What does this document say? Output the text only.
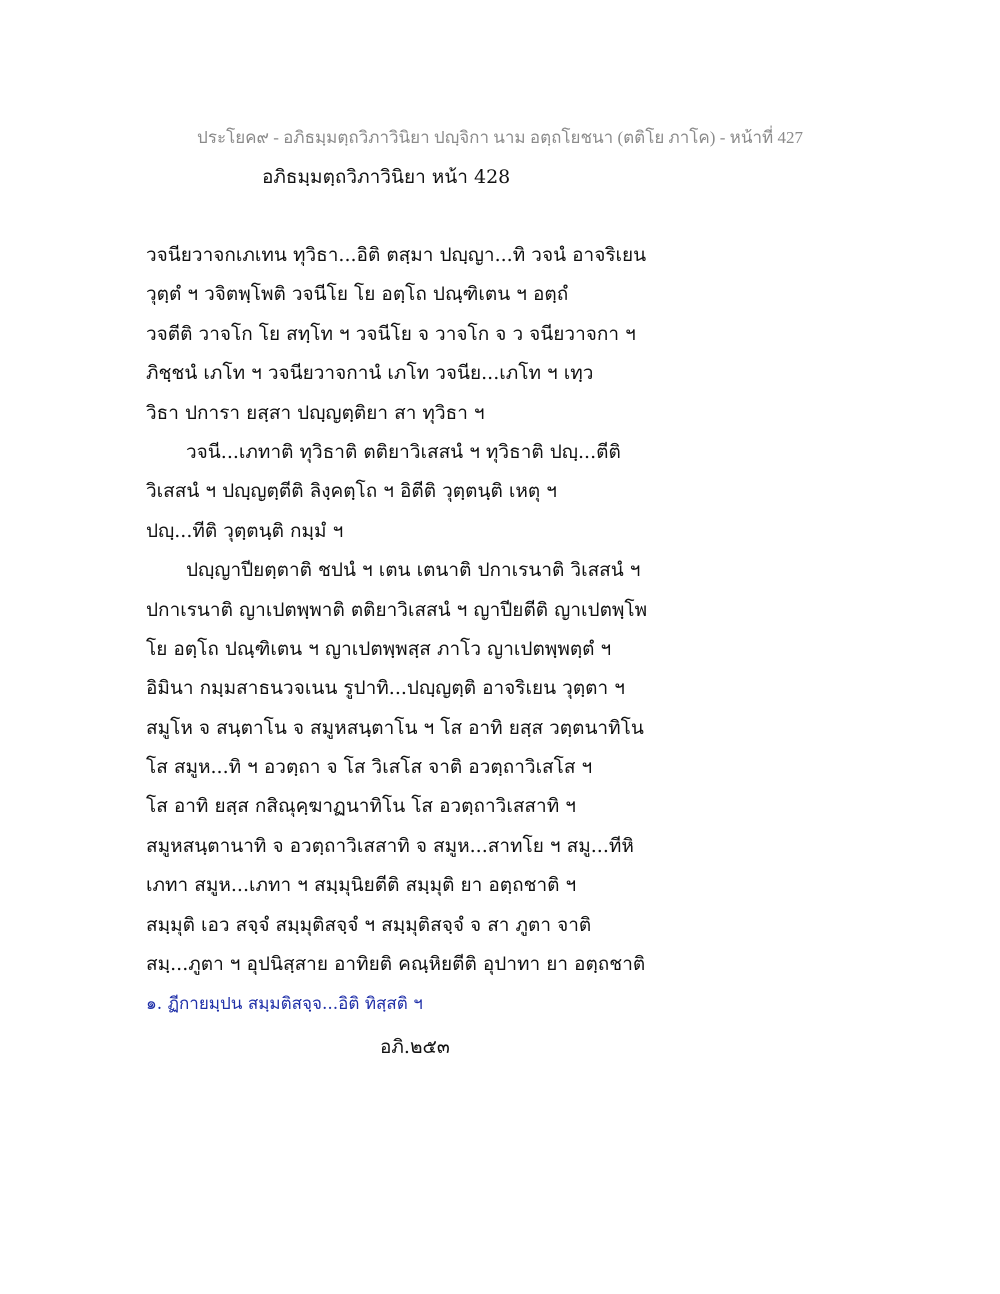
ประโยค๙ - อภิธมฺมตฺถวิภาวินิยา ปญฺจิกา นาม อตฺถโยชนา (ตติโย ภาโค) - หน้าที่ 427
อภิธมฺมตฺถวิภาวินิยา หน้า 428
วจนียวาจกเภเทน ทุวิธา...อิติ ตสฺมา ปญฺญา...ทิ วจนํ อาจริเยน
วุตฺตํ ฯ วจิตพฺโพติ วจนีโย โย อตฺโถ ปณฺฑิเตน ฯ อตฺถํ
วจตีติ วาจโก โย สทฺโท ฯ วจนีโย จ วาจโก จ ว จนียวาจกา ฯ
ภิชฺชนํ เภโท ฯ วจนียวาจกานํ เภโท วจนีย...เภโท ฯ เทฺว
วิธา ปการา ยสฺสา ปญฺญตฺติยา สา ทุวิธา ฯ
วจนี...เภทาติ ทุวิธาติ ตติยาวิเสสนํ ฯ ทุวิธาติ ปญฺ...ตีติ
วิเสสนํ ฯ ปญฺญตฺตีติ ลิงฺคตฺโถ ฯ อิตีติ วุตฺตนฺติ เหตุ ฯ
ปญฺ...ทีติ วุตฺตนฺติ กมฺมํ ฯ
ปญฺญาปียตฺตาติ ชปนํ ฯ เตน เตนาติ ปกาเรนาติ วิเสสนํ ฯ
ปกาเรนาติ ญาเปตพฺพาติ ตติยาวิเสสนํ ฯ ญาปียตีติ ญาเปตพฺโพ
โย อตฺโถ ปณฺฑิเตน ฯ ญาเปตพฺพสฺส ภาโว ญาเปตพฺพตฺตํ ฯ
อิมินา กมฺมสาธนวจเนน รูปาทิ...ปญฺญตฺติ อาจริเยน วุตฺตา ฯ
สมูโห จ สนฺตาโน จ สมูหสนฺตาโน ฯ โส อาทิ ยสฺส วตฺตนาทิโน
โส สมูห...ทิ ฯ อวตฺถา จ โส วิเสโส จาติ อวตฺถาวิเสโส ฯ
โส อาทิ ยสฺส กสิณุคฺฆาฏนาทิโน โส อวตฺถาวิเสสาทิ ฯ
สมูหสนฺตานาทิ จ อวตฺถาวิเสสาทิ จ สมูห...สาทโย ฯ สมู...ทีหิ
เภทา สมูห...เภทา ฯ สมฺมุนิยตีติ สมฺมุติ ยา อตฺถชาติ ฯ
สมฺมุติ เอว สจฺจํ สมฺมุติสจฺจํ ฯ สมฺมุติสจฺจํ จ สา ภูตา จาติ
สมฺ...ภูตา ฯ อุปนิสฺสาย อาทิยติ คณฺหิยตีติ อุปาทา ยา อตฺถชาติ
๑. ฏีกายมฺปน สมฺมติสจฺจ...อิติ ทิสฺสติ ฯ
อภิ.๒๕๓
